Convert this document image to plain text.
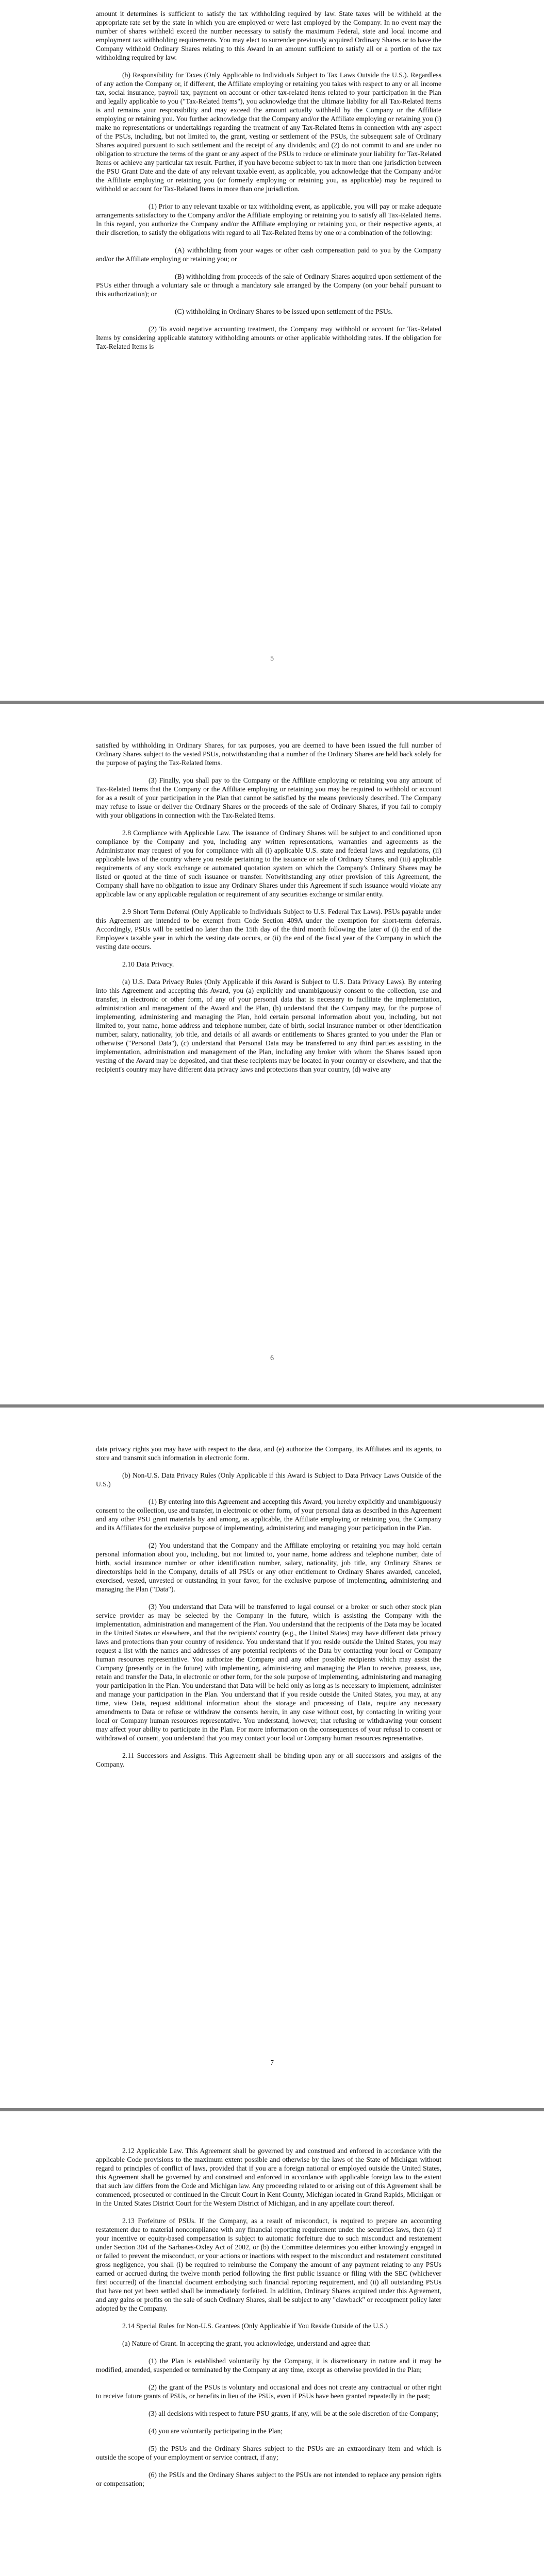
amount it determines is sufficient to satisfy the tax withholding required by law. State taxes will be withheld at the appropriate rate set by the state in which you are employed or were last employed by the Company. In no event may the number of shares withheld exceed the number necessary to satisfy the maximum Federal, state and local income and employment tax withholding requirements. You may elect to surrender previously acquired Ordinary Shares or to have the Company withhold Ordinary Shares relating to this Award in an amount sufficient to satisfy all or a portion of the tax withholding required by law.

(b) Responsibility for Taxes (Only Applicable to Individuals Subject to Tax Laws Outside the U.S.). Regardless of any action the Company or, if different, the Affiliate employing or retaining you takes with respect to any or all income tax, social insurance, payroll tax, payment on account or other tax-related items related to your participation in the Plan and legally applicable to you ("Tax-Related Items"), you acknowledge that the ultimate liability for all Tax-Related Items is and remains your responsibility and may exceed the amount actually withheld by the Company or the Affiliate employing or retaining you. You further acknowledge that the Company and/or the Affiliate employing or retaining you (i) make no representations or undertakings regarding the treatment of any Tax-Related Items in connection with any aspect of the PSUs, including, but not limited to, the grant, vesting or settlement of the PSUs, the subsequent sale of Ordinary Shares acquired pursuant to such settlement and the receipt of any dividends; and (2) do not commit to and are under no obligation to structure the terms of the grant or any aspect of the PSUs to reduce or eliminate your liability for Tax-Related Items or achieve any particular tax result. Further, if you have become subject to tax in more than one jurisdiction between the PSU Grant Date and the date of any relevant taxable event, as applicable, you acknowledge that the Company and/or the Affiliate employing or retaining you (or formerly employing or retaining you, as applicable) may be required to withhold or account for Tax-Related Items in more than one jurisdiction.

(1) Prior to any relevant taxable or tax withholding event, as applicable, you will pay or make adequate arrangements satisfactory to the Company and/or the Affiliate employing or retaining you to satisfy all Tax-Related Items. In this regard, you authorize the Company and/or the Affiliate employing or retaining you, or their respective agents, at their discretion, to satisfy the obligations with regard to all Tax-Related Items by one or a combination of the following:

(A) withholding from your wages or other cash compensation paid to you by the Company and/or the Affiliate employing or retaining you; or

(B) withholding from proceeds of the sale of Ordinary Shares acquired upon settlement of the PSUs either through a voluntary sale or through a mandatory sale arranged by the Company (on your behalf pursuant to this authorization); or

(C) withholding in Ordinary Shares to be issued upon settlement of the PSUs.

(2) To avoid negative accounting treatment, the Company may withhold or account for Tax-Related Items by considering applicable statutory withholding amounts or other applicable withholding rates. If the obligation for Tax-Related Items is

5

satisfied by withholding in Ordinary Shares, for tax purposes, you are deemed to have been issued the full number of Ordinary Shares subject to the vested PSUs, notwithstanding that a number of the Ordinary Shares are held back solely for the purpose of paying the Tax-Related Items.

(3) Finally, you shall pay to the Company or the Affiliate employing or retaining you any amount of Tax-Related Items that the Company or the Affiliate employing or retaining you may be required to withhold or account for as a result of your participation in the Plan that cannot be satisfied by the means previously described. The Company may refuse to issue or deliver the Ordinary Shares or the proceeds of the sale of Ordinary Shares, if you fail to comply with your obligations in connection with the Tax-Related Items.

2.8 Compliance with Applicable Law. The issuance of Ordinary Shares will be subject to and conditioned upon compliance by the Company and you, including any written representations, warranties and agreements as the Administrator may request of you for compliance with all (i) applicable U.S. state and federal laws and regulations, (ii) applicable laws of the country where you reside pertaining to the issuance or sale of Ordinary Shares, and (iii) applicable requirements of any stock exchange or automated quotation system on which the Company's Ordinary Shares may be listed or quoted at the time of such issuance or transfer. Notwithstanding any other provision of this Agreement, the Company shall have no obligation to issue any Ordinary Shares under this Agreement if such issuance would violate any applicable law or any applicable regulation or requirement of any securities exchange or similar entity.

2.9 Short Term Deferral (Only Applicable to Individuals Subject to U.S. Federal Tax Laws). PSUs payable under this Agreement are intended to be exempt from Code Section 409A under the exemption for short-term deferrals. Accordingly, PSUs will be settled no later than the 15th day of the third month following the later of (i) the end of the Employee's taxable year in which the vesting date occurs, or (ii) the end of the fiscal year of the Company in which the vesting date occurs.

2.10 Data Privacy.

(a) U.S. Data Privacy Rules (Only Applicable if this Award is Subject to U.S. Data Privacy Laws). By entering into this Agreement and accepting this Award, you (a) explicitly and unambiguously consent to the collection, use and transfer, in electronic or other form, of any of your personal data that is necessary to facilitate the implementation, administration and management of the Award and the Plan, (b) understand that the Company may, for the purpose of implementing, administering and managing the Plan, hold certain personal information about you, including, but not limited to, your name, home address and telephone number, date of birth, social insurance number or other identification number, salary, nationality, job title, and details of all awards or entitlements to Shares granted to you under the Plan or otherwise ("Personal Data"), (c) understand that Personal Data may be transferred to any third parties assisting in the implementation, administration and management of the Plan, including any broker with whom the Shares issued upon vesting of the Award may be deposited, and that these recipients may be located in your country or elsewhere, and that the recipient's country may have different data privacy laws and protections than your country, (d) waive any

6

data privacy rights you may have with respect to the data, and (e) authorize the Company, its Affiliates and its agents, to store and transmit such information in electronic form.

(b) Non-U.S. Data Privacy Rules (Only Applicable if this Award is Subject to Data Privacy Laws Outside of the U.S.)

(1) By entering into this Agreement and accepting this Award, you hereby explicitly and unambiguously consent to the collection, use and transfer, in electronic or other form, of your personal data as described in this Agreement and any other PSU grant materials by and among, as applicable, the Affiliate employing or retaining you, the Company and its Affiliates for the exclusive purpose of implementing, administering and managing your participation in the Plan.

(2) You understand that the Company and the Affiliate employing or retaining you may hold certain personal information about you, including, but not limited to, your name, home address and telephone number, date of birth, social insurance number or other identification number, salary, nationality, job title, any Ordinary Shares or directorships held in the Company, details of all PSUs or any other entitlement to Ordinary Shares awarded, canceled, exercised, vested, unvested or outstanding in your favor, for the exclusive purpose of implementing, administering and managing the Plan ("Data").

(3) You understand that Data will be transferred to legal counsel or a broker or such other stock plan service provider as may be selected by the Company in the future, which is assisting the Company with the implementation, administration and management of the Plan. You understand that the recipients of the Data may be located in the United States or elsewhere, and that the recipients' country (e.g., the United States) may have different data privacy laws and protections than your country of residence. You understand that if you reside outside the United States, you may request a list with the names and addresses of any potential recipients of the Data by contacting your local or Company human resources representative. You authorize the Company and any other possible recipients which may assist the Company (presently or in the future) with implementing, administering and managing the Plan to receive, possess, use, retain and transfer the Data, in electronic or other form, for the sole purpose of implementing, administering and managing your participation in the Plan. You understand that Data will be held only as long as is necessary to implement, administer and manage your participation in the Plan. You understand that if you reside outside the United States, you may, at any time, view Data, request additional information about the storage and processing of Data, require any necessary amendments to Data or refuse or withdraw the consents herein, in any case without cost, by contacting in writing your local or Company human resources representative. You understand, however, that refusing or withdrawing your consent may affect your ability to participate in the Plan. For more information on the consequences of your refusal to consent or withdrawal of consent, you understand that you may contact your local or Company human resources representative.

2.11 Successors and Assigns. This Agreement shall be binding upon any or all successors and assigns of the Company.

7

2.12 Applicable Law. This Agreement shall be governed by and construed and enforced in accordance with the applicable Code provisions to the maximum extent possible and otherwise by the laws of the State of Michigan without regard to principles of conflict of laws, provided that if you are a foreign national or employed outside the United States, this Agreement shall be governed by and construed and enforced in accordance with applicable foreign law to the extent that such law differs from the Code and Michigan law. Any proceeding related to or arising out of this Agreement shall be commenced, prosecuted or continued in the Circuit Court in Kent County, Michigan located in Grand Rapids, Michigan or in the United States District Court for the Western District of Michigan, and in any appellate court thereof.

2.13 Forfeiture of PSUs. If the Company, as a result of misconduct, is required to prepare an accounting restatement due to material noncompliance with any financial reporting requirement under the securities laws, then (a) if your incentive or equity-based compensation is subject to automatic forfeiture due to such misconduct and restatement under Section 304 of the Sarbanes-Oxley Act of 2002, or (b) the Committee determines you either knowingly engaged in or failed to prevent the misconduct, or your actions or inactions with respect to the misconduct and restatement constituted gross negligence, you shall (i) be required to reimburse the Company the amount of any payment relating to any PSUs earned or accrued during the twelve month period following the first public issuance or filing with the SEC (whichever first occurred) of the financial document embodying such financial reporting requirement, and (ii) all outstanding PSUs that have not yet been settled shall be immediately forfeited. In addition, Ordinary Shares acquired under this Agreement, and any gains or profits on the sale of such Ordinary Shares, shall be subject to any "clawback" or recoupment policy later adopted by the Company.

2.14 Special Rules for Non-U.S. Grantees (Only Applicable if You Reside Outside of the U.S.)

(a) Nature of Grant. In accepting the grant, you acknowledge, understand and agree that:

(1) the Plan is established voluntarily by the Company, it is discretionary in nature and it may be modified, amended, suspended or terminated by the Company at any time, except as otherwise provided in the Plan;

(2) the grant of the PSUs is voluntary and occasional and does not create any contractual or other right to receive future grants of PSUs, or benefits in lieu of the PSUs, even if PSUs have been granted repeatedly in the past;

(3) all decisions with respect to future PSU grants, if any, will be at the sole discretion of the Company;

(4) you are voluntarily participating in the Plan;

(5) the PSUs and the Ordinary Shares subject to the PSUs are an extraordinary item and which is outside the scope of your employment or service contract, if any;

(6) the PSUs and the Ordinary Shares subject to the PSUs are not intended to replace any pension rights or compensation;
